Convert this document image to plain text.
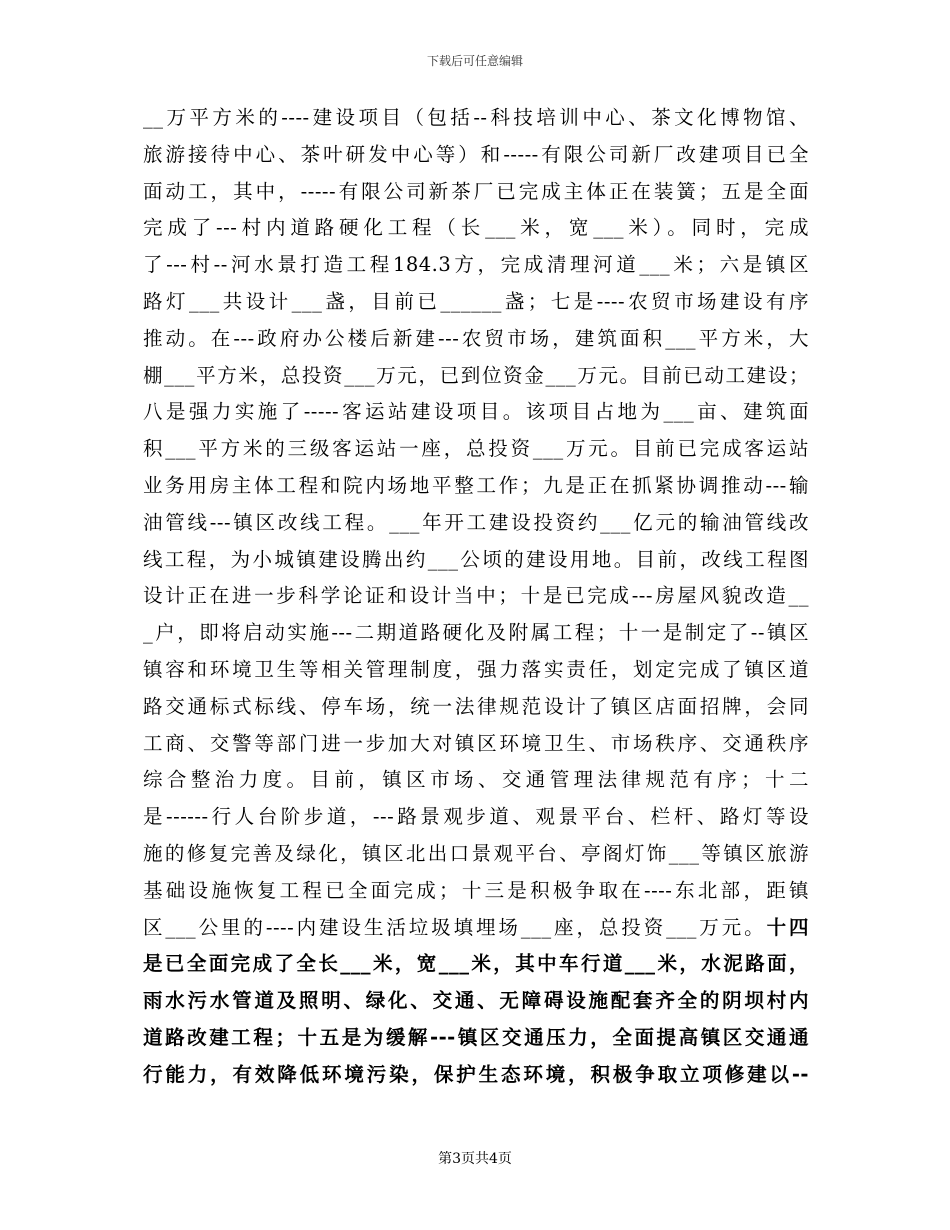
下载后可任意编辑
__万平方米的----建设项目（包括--科技培训中心、茶文化博物馆、
旅游接待中心、茶叶研发中心等）和-----有限公司新厂改建项目已全
面动工，其中，-----有限公司新茶厂已完成主体正在装簧；五是全面
完成了---村内道路硬化工程（长___米，宽___米）。同时，完成
了---村--河水景打造工程184.3方，完成清理河道___米；六是镇区
路灯___共设计___盏，目前已______盏；七是----农贸市场建设有序
推动。在---政府办公楼后新建---农贸市场，建筑面积___平方米，大
棚___平方米，总投资___万元，已到位资金___万元。目前已动工建设；
八是强力实施了-----客运站建设项目。该项目占地为___亩、建筑面
积___平方米的三级客运站一座，总投资___万元。目前已完成客运站
业务用房主体工程和院内场地平整工作；九是正在抓紧协调推动---输
油管线---镇区改线工程。___年开工建设投资约___亿元的输油管线改
线工程，为小城镇建设腾出约___公顷的建设用地。目前，改线工程图
设计正在进一步科学论证和设计当中；十是已完成---房屋风貌改造__
_户，即将启动实施---二期道路硬化及附属工程；十一是制定了--镇区
镇容和环境卫生等相关管理制度，强力落实责任，划定完成了镇区道
路交通标式标线、停车场，统一法律规范设计了镇区店面招牌，会同
工商、交警等部门进一步加大对镇区环境卫生、市场秩序、交通秩序
综合整治力度。目前，镇区市场、交通管理法律规范有序；十二
是------行人台阶步道，---路景观步道、观景平台、栏杆、路灯等设
施的修复完善及绿化，镇区北出口景观平台、亭阁灯饰___等镇区旅游
基础设施恢复工程已全面完成；十三是积极争取在----东北部，距镇
区___公里的----内建设生活垃圾填埋场___座，总投资___万元。十四
是已全面完成了全长___米，宽___米，其中车行道___米，水泥路面，
雨水污水管道及照明、绿化、交通、无障碍设施配套齐全的阴坝村内
道路改建工程；十五是为缓解---镇区交通压力，全面提高镇区交通通
行能力，有效降低环境污染，保护生态环境，积极争取立项修建以--
第3页共4页
